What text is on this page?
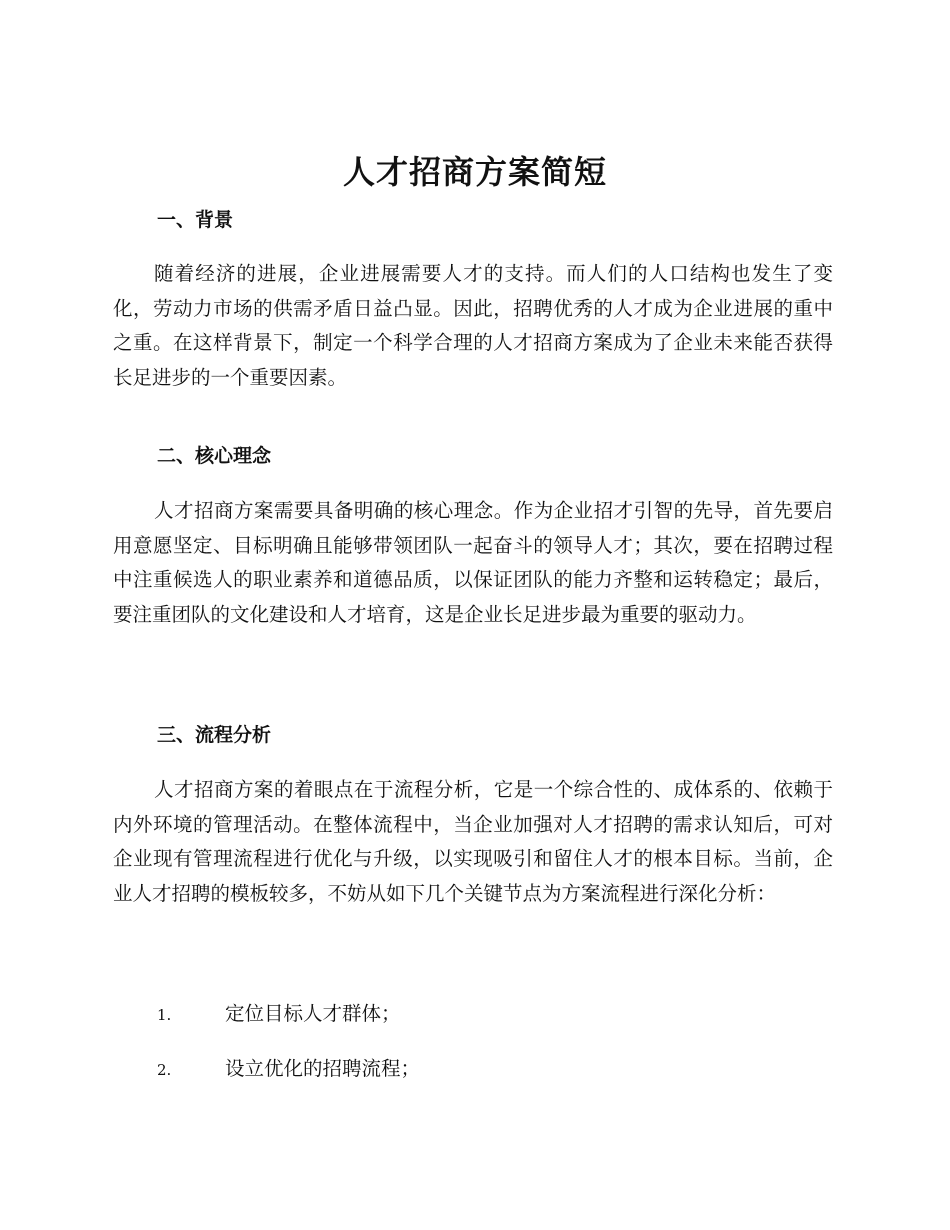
人才招商方案简短
一、背景

随着经济的进展，企业进展需要人才的支持。而人们的人口结构也发生了变化，劳动力市场的供需矛盾日益凸显。因此，招聘优秀的人才成为企业进展的重中之重。在这样背景下，制定一个科学合理的人才招商方案成为了企业未来能否获得长足进步的一个重要因素。

二、核心理念

人才招商方案需要具备明确的核心理念。作为企业招才引智的先导，首先要启用意愿坚定、目标明确且能够带领团队一起奋斗的领导人才；其次，要在招聘过程中注重候选人的职业素养和道德品质，以保证团队的能力齐整和运转稳定；最后，要注重团队的文化建设和人才培育，这是企业长足进步最为重要的驱动力。

三、流程分析

人才招商方案的着眼点在于流程分析，它是一个综合性的、成体系的、依赖于内外环境的管理活动。在整体流程中，当企业加强对人才招聘的需求认知后，可对企业现有管理流程进行优化与升级，以实现吸引和留住人才的根本目标。当前，企业人才招聘的模板较多，不妨从如下几个关键节点为方案流程进行深化分析：

1.	定位目标人才群体；
2.	设立优化的招聘流程；
